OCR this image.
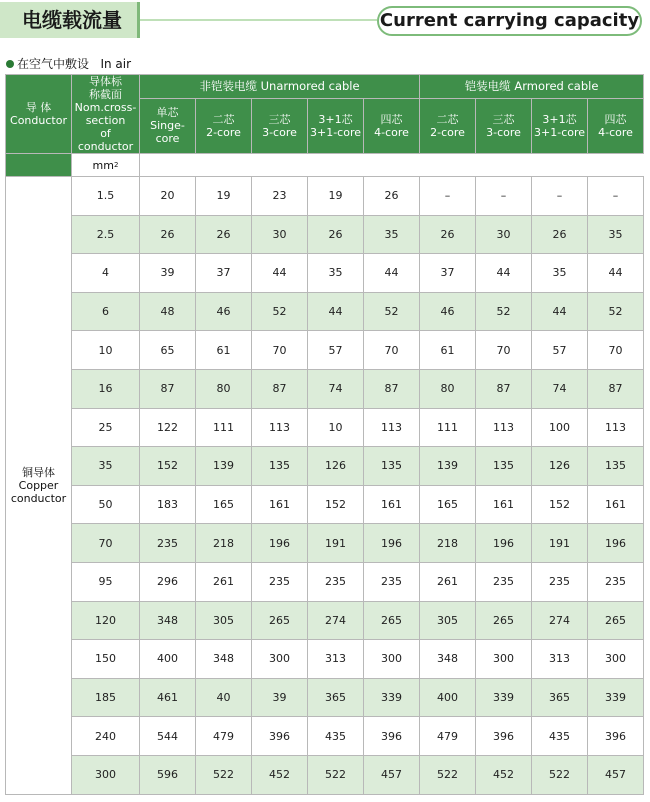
电缆载流量	Current carrying capacity
在空气中敷设 In air
导 体
Conductor	导体标
称截面
Nom.cross-
section
of conductor	非铠装电缆 Unarmored cable					铠装电缆 Armored cable			
		单芯
Singe-
core	二芯
2-core	三芯
3-core	3+1芯
3+1-core	四芯
4-core	二芯
2-core	三芯
3-core	3+1芯
3+1-core	四芯
4-core
	$mm^2$	
铜导体
Copper
conductor	1.5	20	19	23	19	26	–	–	–	–
	2.5	26	26	30	26	35	26	30	26	35
	4	39	37	44	35	44	37	44	35	44
	6	48	46	52	44	52	46	52	44	52
	10	65	61	70	57	70	61	70	57	70
	16	87	80	87	74	87	80	87	74	87
	25	122	111	113	10	113	111	113	100	113
	35	152	139	135	126	135	139	135	126	135
	50	183	165	161	152	161	165	161	152	161
	70	235	218	196	191	196	218	196	191	196
	95	296	261	235	235	235	261	235	235	235
	120	348	305	265	274	265	305	265	274	265
	150	400	348	300	313	300	348	300	313	300
	185	461	40	39	365	339	400	339	365	339
	240	544	479	396	435	396	479	396	435	396
	300	596	522	452	522	457	522	452	522	457
